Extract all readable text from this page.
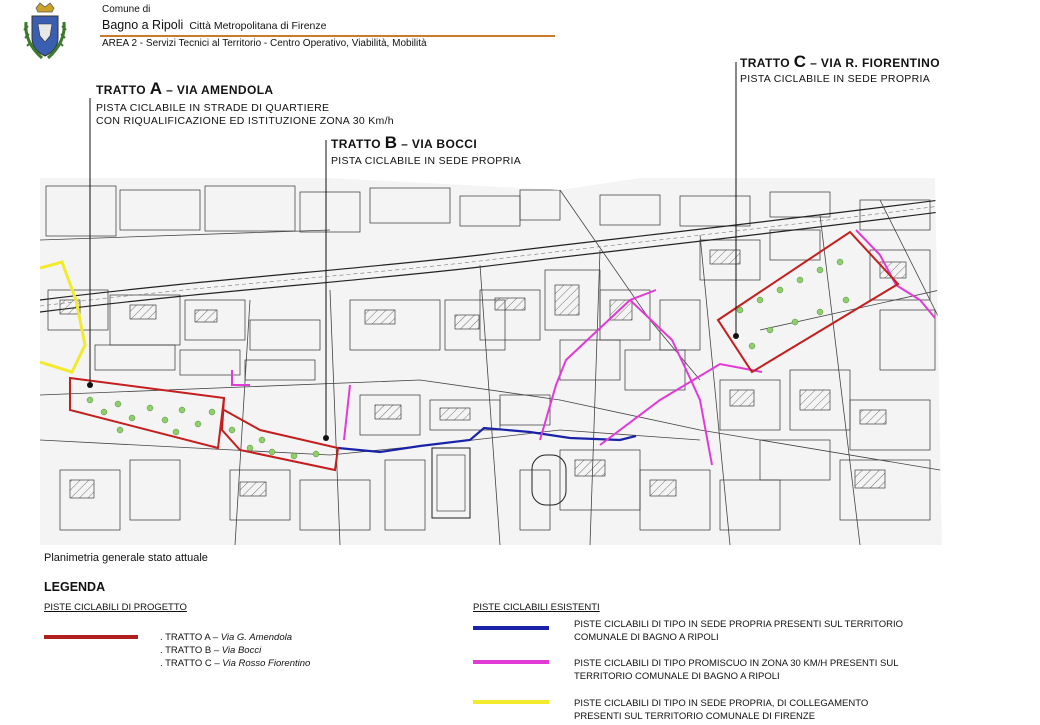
Comune di
Bagno a Ripoli Città Metropolitana di Firenze
AREA 2 - Servizi Tecnici al Territorio - Centro Operativo, Viabilità, Mobilità
TRATTO A – VIA AMENDOLA
PISTA CICLABILE IN STRADE DI QUARTIERE
CON RIQUALIFICAZIONE ED ISTITUZIONE ZONA 30 Km/h
TRATTO B – VIA BOCCI
PISTA CICLABILE IN SEDE PROPRIA
TRATTO C – VIA R. FIORENTINO
PISTA CICLABILE IN SEDE PROPRIA
Planimetria generale stato attuale
LEGENDA
PISTE CICLABILI DI PROGETTO
. TRATTO A – Via G. Amendola
. TRATTO B – Via Bocci
. TRATTO C – Via Rosso Fiorentino
PISTE CICLABILI ESISTENTI
PISTE CICLABILI DI TIPO IN SEDE PROPRIA PRESENTI SUL TERRITORIO
COMUNALE DI BAGNO A RIPOLI
PISTE CICLABILI DI TIPO PROMISCUO IN ZONA 30 KM/H PRESENTI SUL
TERRITORIO COMUNALE DI BAGNO A RIPOLI
PISTE CICLABILI DI TIPO IN SEDE PROPRIA, DI COLLEGAMENTO
PRESENTI SUL TERRITORIO COMUNALE DI FIRENZE
